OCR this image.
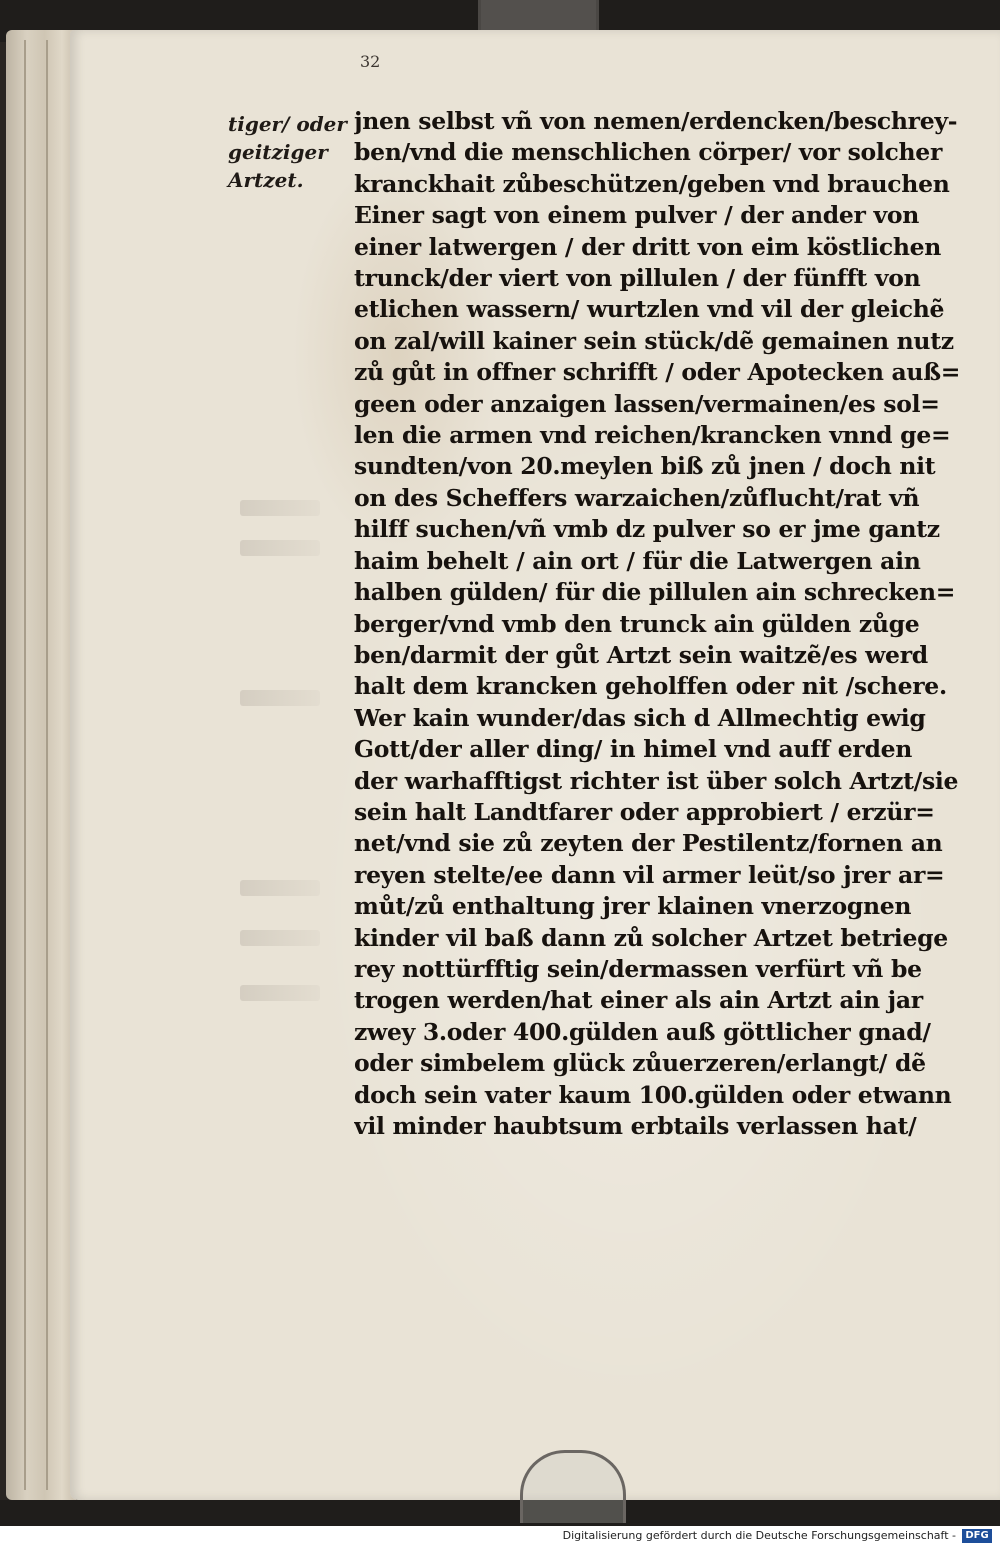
32
tiger/ oder
geitziger
Artzet.
jnen selbst vñ von nemen/erdencken/beschrey-
ben/vnd die menschlichen cörper/ vor solcher
kranckhait zůbeschützen/geben vnd brauchen
Einer sagt von einem pulver / der ander von
einer latwergen / der dritt von eim köstlichen
trunck/der viert von pillulen / der fünfft von
etlichen wassern/ wurtzlen vnd vil der gleichẽ
on zal/will kainer sein stück/dẽ gemainen nutz
zů gůt in offner schrifft / oder Apotecken auß=
geen oder anzaigen lassen/vermainen/es sol=
len die armen vnd reichen/krancken vnnd ge=
sundten/von 20.meylen biß zů jnen / doch nit
on des Scheffers warzaichen/zůflucht/rat vñ
hilff suchen/vñ vmb dz pulver so er jme gantz
haim behelt / ain ort / für die Latwergen ain
halben gülden/ für die pillulen ain schrecken=
berger/vnd vmb den trunck ain gülden zůge
ben/darmit der gůt Artzt sein waitzẽ/es werd
halt dem krancken geholffen oder nit /schere.
Wer kain wunder/das sich d Allmechtig ewig
Gott/der aller ding/ in himel vnd auff erden
der warhafftigst richter ist über solch Artzt/sie
sein halt Landtfarer oder approbiert / erzür=
net/vnd sie zů zeyten der Pestilentz/fornen an
reyen stelte/ee dann vil armer leüt/so jrer ar=
můt/zů enthaltung jrer klainen vnerzognen
kinder vil baß dann zů solcher Artzet betriege
rey nottürfftig sein/dermassen verfürt vñ be
trogen werden/hat einer als ain Artzt ain jar
zwey 3.oder 400.gülden auß göttlicher gnad/
oder simbelem glück zůuerzeren/erlangt/ dẽ
doch sein vater kaum 100.gülden oder etwann
vil minder haubtsum erbtails verlassen hat/
Digitalisierung gefördert durch die Deutsche Forschungsgemeinschaft - DFG
